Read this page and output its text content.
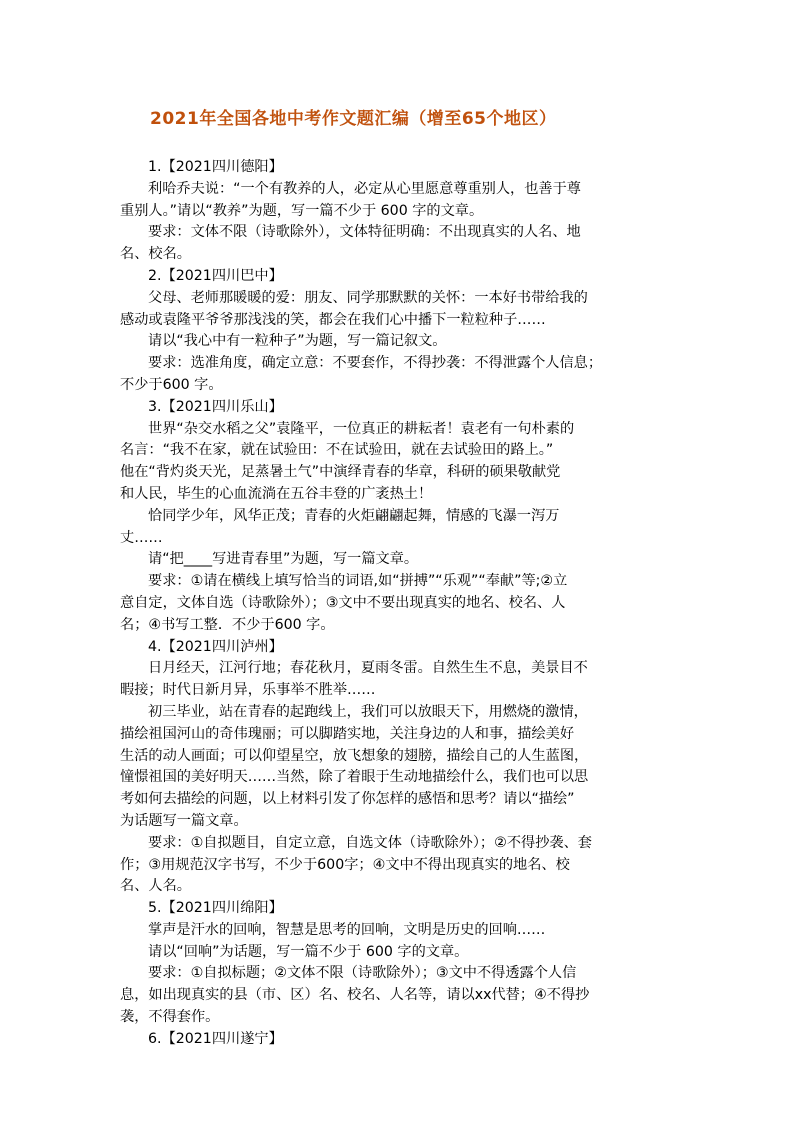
2021年全国各地中考作文题汇编（增至65个地区）
1.【2021四川德阳】
利哈乔夫说：“一个有教养的人，必定从心里愿意尊重别人，也善于尊
重别人。”请以“教养”为题，写一篇不少于 600 字的文章。
要求：文体不限（诗歌除外），文体特征明确：不出现真实的人名、地
名、校名。
2.【2021四川巴中】
父母、老师那暖暖的爱：朋友、同学那默默的关怀：一本好书带给我的
感动或袁隆平爷爷那浅浅的笑，都会在我们心中播下一粒粒种子……
请以“我心中有一粒种子”为题，写一篇记叙文。
要求：选准角度，确定立意：不要套作，不得抄袭：不得泄露个人信息；
不少于600 字。
3.【2021四川乐山】
世界“杂交水稻之父”袁隆平，一位真正的耕耘者！袁老有一句朴素的
名言：“我不在家，就在试验田：不在试验田，就在去试验田的路上。”
他在“背灼炎天光，足蒸暑土气”中演绎青春的华章，科研的硕果敬献党
和人民，毕生的心血流淌在五谷丰登的广袤热土！
恰同学少年，风华正茂；青春的火炬翩翩起舞，情感的飞瀑一泻万
丈……
请“把____写进青春里”为题，写一篇文章。
要求：①请在横线上填写恰当的词语,如“拼搏”“乐观”“奉献”等;②立
意自定，文体自选（诗歌除外）；③文中不要出现真实的地名、校名、人
名；④书写工整．不少于600 字。
4.【2021四川泸州】
日月经天，江河行地；春花秋月，夏雨冬雷。自然生生不息，美景目不
暇接；时代日新月异，乐事举不胜举……
初三毕业，站在青春的起跑线上，我们可以放眼天下，用燃烧的激情，
描绘祖国河山的奇伟瑰丽；可以脚踏实地，关注身边的人和事，描绘美好
生活的动人画面；可以仰望星空，放飞想象的翅膀，描绘自己的人生蓝图，
憧憬祖国的美好明天……当然，除了着眼于生动地描绘什么，我们也可以思
考如何去描绘的问题，以上材料引发了你怎样的感悟和思考？请以“描绘”
为话题写一篇文章。
要求：①自拟题目，自定立意，自选文体（诗歌除外）；②不得抄袭、套
作；③用规范汉字书写，不少于600字；④文中不得出现真实的地名、校
名、人名。
5.【2021四川绵阳】
掌声是汗水的回响，智慧是思考的回响，文明是历史的回响……
请以“回响”为话题，写一篇不少于 600 字的文章。
要求：①自拟标题；②文体不限（诗歌除外）；③文中不得透露个人信
息，如出现真实的县（市、区）名、校名、人名等，请以xx代替；④不得抄
袭，不得套作。
6.【2021四川遂宁】
